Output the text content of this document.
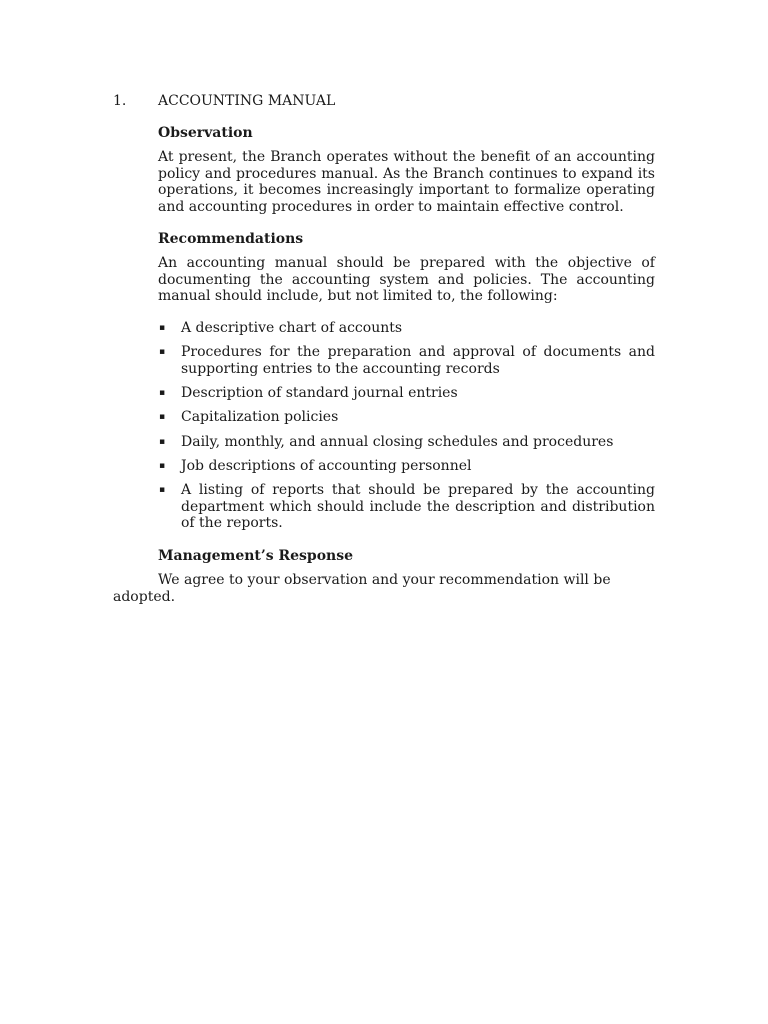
1. ACCOUNTING MANUAL
Observation

At present, the Branch operates without the benefit of an accounting policy and procedures manual. As the Branch continues to expand its operations, it becomes increasingly important to formalize operating and accounting procedures in order to maintain effective control.

Recommendations

An accounting manual should be prepared with the objective of documenting the accounting system and policies. The accounting manual should include, but not limited to, the following:

▪ A descriptive chart of accounts
▪ Procedures for the preparation and approval of documents and supporting entries to the accounting records
▪ Description of standard journal entries
▪ Capitalization policies
▪ Daily, monthly, and annual closing schedules and procedures
▪ Job descriptions of accounting personnel
▪ A listing of reports that should be prepared by the accounting department which should include the description and distribution of the reports.
Management’s Response

We agree to your observation and your recommendation will be adopted.
